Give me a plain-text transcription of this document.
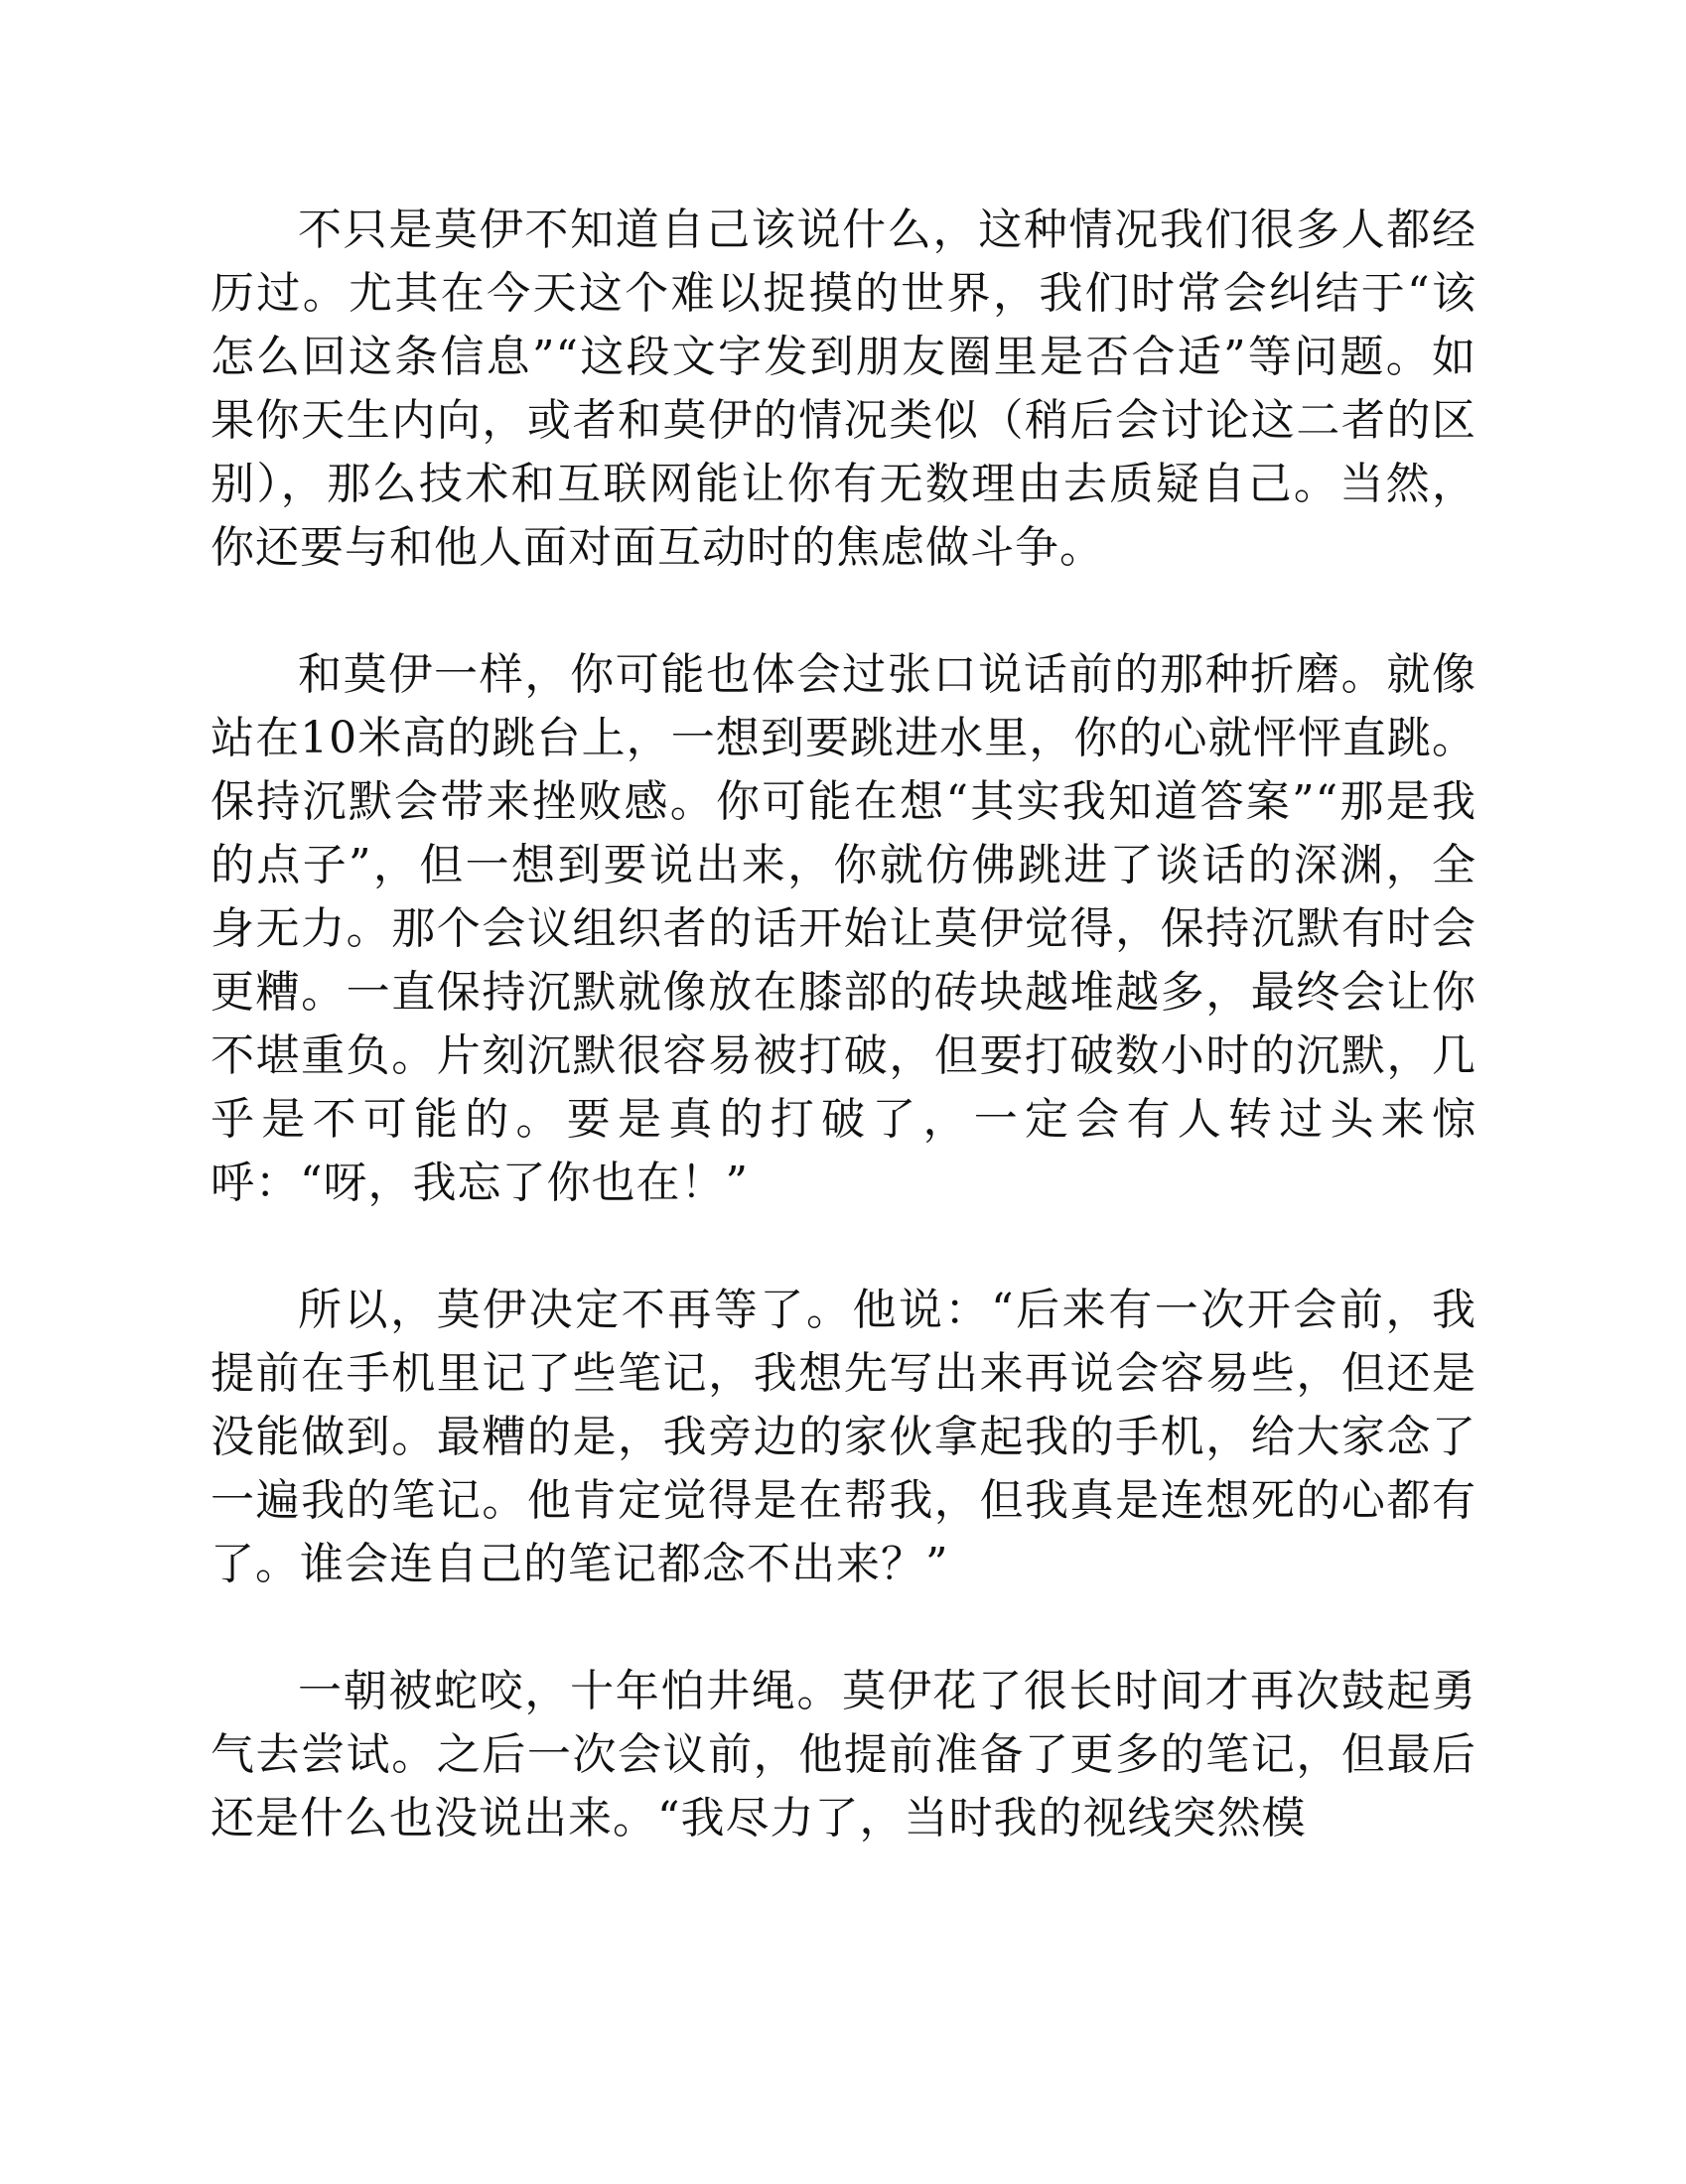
不只是莫伊不知道自己该说什么，这种情况我们很多人都经历过。尤其在今天这个难以捉摸的世界，我们时常会纠结于“该怎么回这条信息”“这段文字发到朋友圈里是否合适”等问题。如果你天生内向，或者和莫伊的情况类似（稍后会讨论这二者的区别），那么技术和互联网能让你有无数理由去质疑自己。当然，你还要与和他人面对面互动时的焦虑做斗争。

和莫伊一样，你可能也体会过张口说话前的那种折磨。就像站在10米高的跳台上，一想到要跳进水里，你的心就怦怦直跳。保持沉默会带来挫败感。你可能在想“其实我知道答案”“那是我的点子”，但一想到要说出来，你就仿佛跳进了谈话的深渊，全身无力。那个会议组织者的话开始让莫伊觉得，保持沉默有时会更糟。一直保持沉默就像放在膝部的砖块越堆越多，最终会让你不堪重负。片刻沉默很容易被打破，但要打破数小时的沉默，几乎是不可能的。要是真的打破了，一定会有人转过头来惊呼：“呀，我忘了你也在！”

所以，莫伊决定不再等了。他说：“后来有一次开会前，我提前在手机里记了些笔记，我想先写出来再说会容易些，但还是没能做到。最糟的是，我旁边的家伙拿起我的手机，给大家念了一遍我的笔记。他肯定觉得是在帮我，但我真是连想死的心都有了。谁会连自己的笔记都念不出来？”

一朝被蛇咬，十年怕井绳。莫伊花了很长时间才再次鼓起勇气去尝试。之后一次会议前，他提前准备了更多的笔记，但最后还是什么也没说出来。“我尽力了，当时我的视线突然模
